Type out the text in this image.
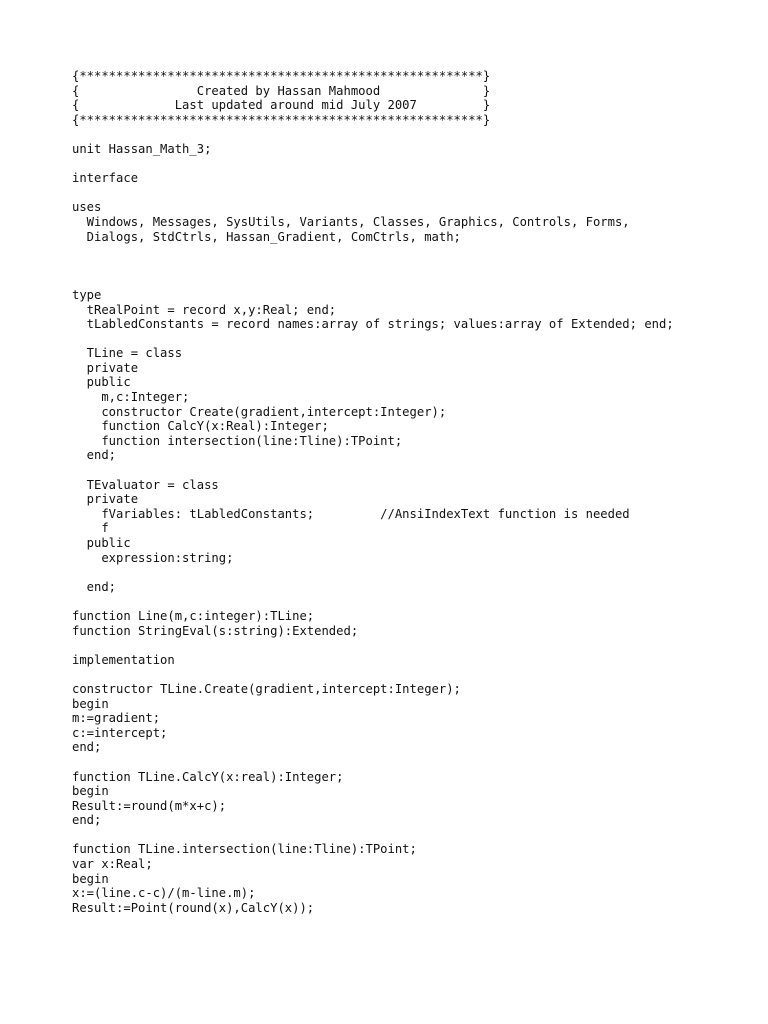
{*******************************************************}
{                Created by Hassan Mahmood              }
{             Last updated around mid July 2007         }
{*******************************************************}
unit Hassan_Math_3;
interface
uses
Windows, Messages, SysUtils, Variants, Classes, Graphics, Controls, Forms,
Dialogs, StdCtrls, Hassan_Gradient, ComCtrls, math;
type
tRealPoint = record x,y:Real; end;
tLabledConstants = record names:array of strings; values:array of Extended; end;
TLine = class
private
public
m,c:Integer;
constructor Create(gradient,intercept:Integer);
function CalcY(x:Real):Integer;
function intersection(line:Tline):TPoint;
end;
TEvaluator = class
private
fVariables: tLabledConstants;         //AnsiIndexText function is needed
f
public
expression:string;
end;
function Line(m,c:integer):TLine;
function StringEval(s:string):Extended;
implementation
constructor TLine.Create(gradient,intercept:Integer);
begin
m:=gradient;
c:=intercept;
end;
function TLine.CalcY(x:real):Integer;
begin
Result:=round(m*x+c);
end;
function TLine.intersection(line:Tline):TPoint;
var x:Real;
begin
x:=(line.c-c)/(m-line.m);
Result:=Point(round(x),CalcY(x));
